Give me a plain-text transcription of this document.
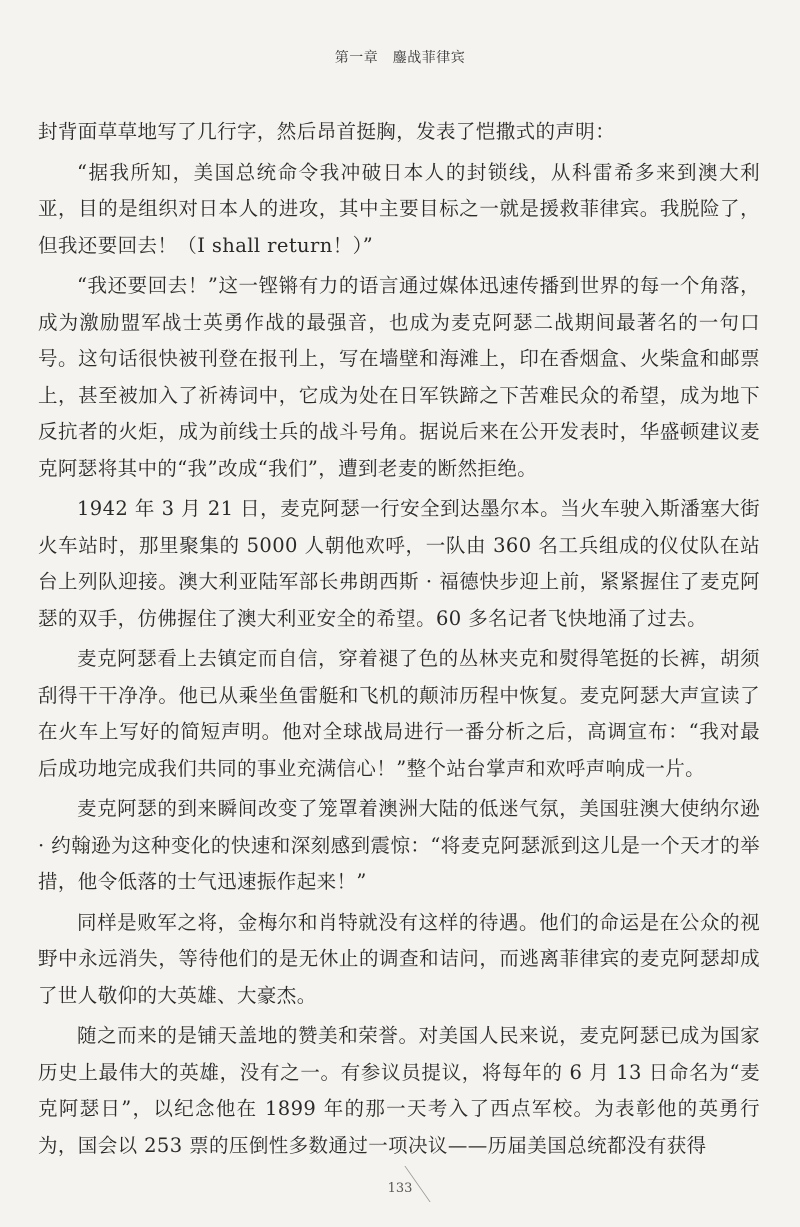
第一章　鏖战菲律宾

封背面草草地写了几行字，然后昂首挺胸，发表了恺撒式的声明：

“据我所知，美国总统命令我冲破日本人的封锁线，从科雷希多来到澳大利亚，目的是组织对日本人的进攻，其中主要目标之一就是援救菲律宾。我脱险了，但我还要回去！（I shall return！）”

“我还要回去！”这一铿锵有力的语言通过媒体迅速传播到世界的每一个角落，成为激励盟军战士英勇作战的最强音，也成为麦克阿瑟二战期间最著名的一句口号。这句话很快被刊登在报刊上，写在墙壁和海滩上，印在香烟盒、火柴盒和邮票上，甚至被加入了祈祷词中，它成为处在日军铁蹄之下苦难民众的希望，成为地下反抗者的火炬，成为前线士兵的战斗号角。据说后来在公开发表时，华盛顿建议麦克阿瑟将其中的“我”改成“我们”，遭到老麦的断然拒绝。

1942 年 3 月 21 日，麦克阿瑟一行安全到达墨尔本。当火车驶入斯潘塞大街火车站时，那里聚集的 5000 人朝他欢呼，一队由 360 名工兵组成的仪仗队在站台上列队迎接。澳大利亚陆军部长弗朗西斯 · 福德快步迎上前，紧紧握住了麦克阿瑟的双手，仿佛握住了澳大利亚安全的希望。60 多名记者飞快地涌了过去。

麦克阿瑟看上去镇定而自信，穿着褪了色的丛林夹克和熨得笔挺的长裤，胡须刮得干干净净。他已从乘坐鱼雷艇和飞机的颠沛历程中恢复。麦克阿瑟大声宣读了在火车上写好的简短声明。他对全球战局进行一番分析之后，高调宣布：“我对最后成功地完成我们共同的事业充满信心！”整个站台掌声和欢呼声响成一片。

麦克阿瑟的到来瞬间改变了笼罩着澳洲大陆的低迷气氛，美国驻澳大使纳尔逊 · 约翰逊为这种变化的快速和深刻感到震惊：“将麦克阿瑟派到这儿是一个天才的举措，他令低落的士气迅速振作起来！”

同样是败军之将，金梅尔和肖特就没有这样的待遇。他们的命运是在公众的视野中永远消失，等待他们的是无休止的调查和诘问，而逃离菲律宾的麦克阿瑟却成了世人敬仰的大英雄、大豪杰。

随之而来的是铺天盖地的赞美和荣誉。对美国人民来说，麦克阿瑟已成为国家历史上最伟大的英雄，没有之一。有参议员提议，将每年的 6 月 13 日命名为“麦克阿瑟日”，以纪念他在 1899 年的那一天考入了西点军校。为表彰他的英勇行为，国会以 253 票的压倒性多数通过一项决议——历届美国总统都没有获得

133
